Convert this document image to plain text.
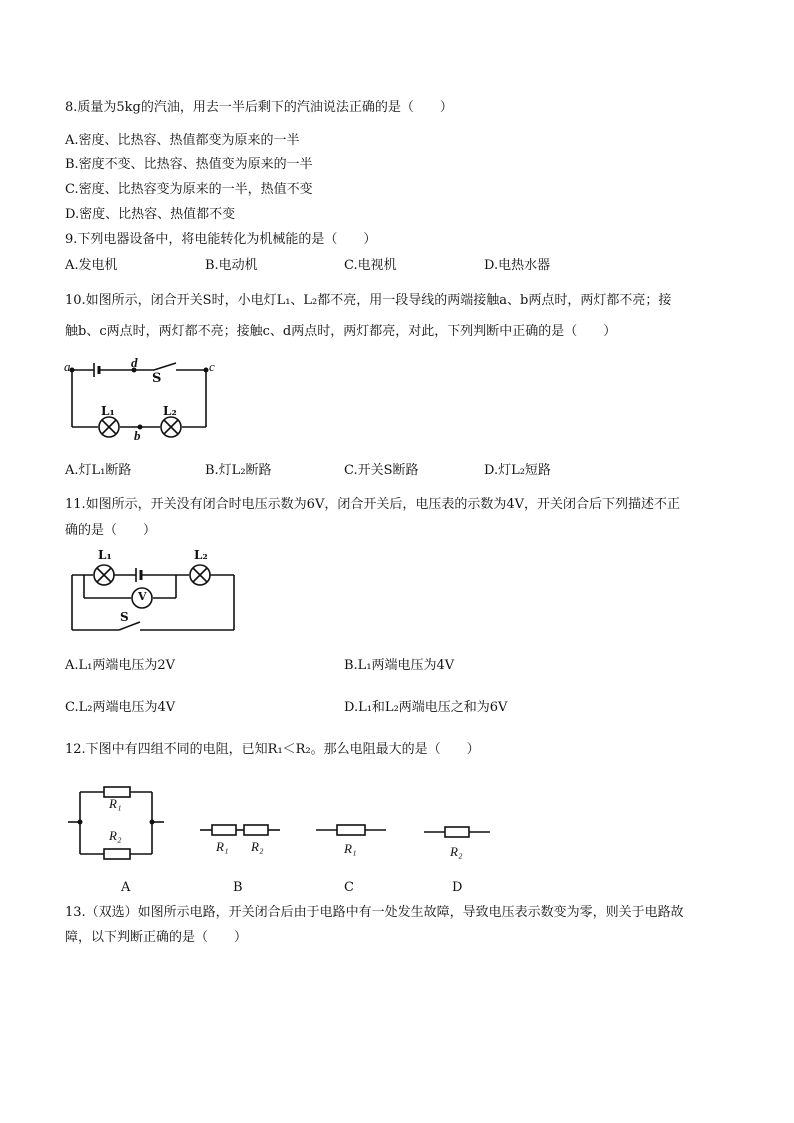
8.质量为5kg的汽油，用去一半后剩下的汽油说法正确的是（　　）
A.密度、比热容、热值都变为原来的一半
B.密度不变、比热容、热值变为原来的一半
C.密度、比热容变为原来的一半，热值不变
D.密度、比热容、热值都不变
9.下列电器设备中，将电能转化为机械能的是（　　）
A.发电机	B.电动机	C.电视机	D.电热水器
10.如图所示，闭合开关S时，小电灯L₁、L₂都不亮，用一段导线的两端接触a、b两点时，两灯都不亮；接
触b、c两点时，两灯都不亮；接触c、d两点时，两灯都亮，对此，下列判断中正确的是（　　）
a	d
S
c
L₁	L₂
b
A.灯L₁断路	B.灯L₂断路	C.开关S断路	D.灯L₂短路
11.如图所示，开关没有闭合时电压示数为6V，闭合开关后，电压表的示数为4V，开关闭合后下列描述不正
确的是（　　）
L₁	L₂
V
S
A.L₁两端电压为2V	B.L₁两端电压为4V
C.L₂两端电压为4V	D.L₁和L₂两端电压之和为6V
12.下图中有四组不同的电阻，已知R₁＜R₂。那么电阻最大的是（　　）
R₁
R₂
R₁ R₂	R₁	R₂
A	B	C	D
13.（双选）如图所示电路，开关闭合后由于电路中有一处发生故障，导致电压表示数变为零，则关于电路故
障，以下判断正确的是（　　）
